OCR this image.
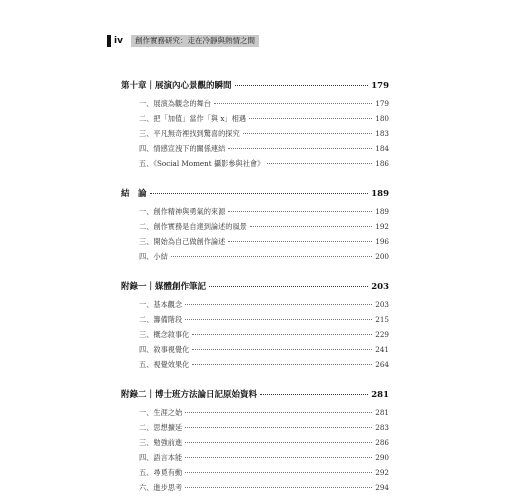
iv	創作實務研究：走在冷靜與熱情之間
第十章｜展演內心景觀的瞬間	179
一、展演為觀念的舞台	179
二、把「加值」當作「與 x」相遇	180
三、平凡無奇裡找到驚喜的探究	183
四、情感宣洩下的關係連結	184
五、《Social Moment 攝影參與社會》	186
結　論	189
一、創作精神與勇氣的來源	189
二、創作實務是自達到論述的風景	192
三、開始為自己做創作論述	196
四、小結	200
附錄一｜媒體創作筆記	203
一、基本觀念	203
二、籌備階段	215
三、概念敘事化	229
四、敘事視覺化	241
五、視覺效果化	264
附錄二｜博士班方法論日記原始資料	281
一、生涯之始	281
二、思想擴延	283
三、勉強前進	286
四、語言本能	290
五、尋覓有動	292
六、進步思考	294
